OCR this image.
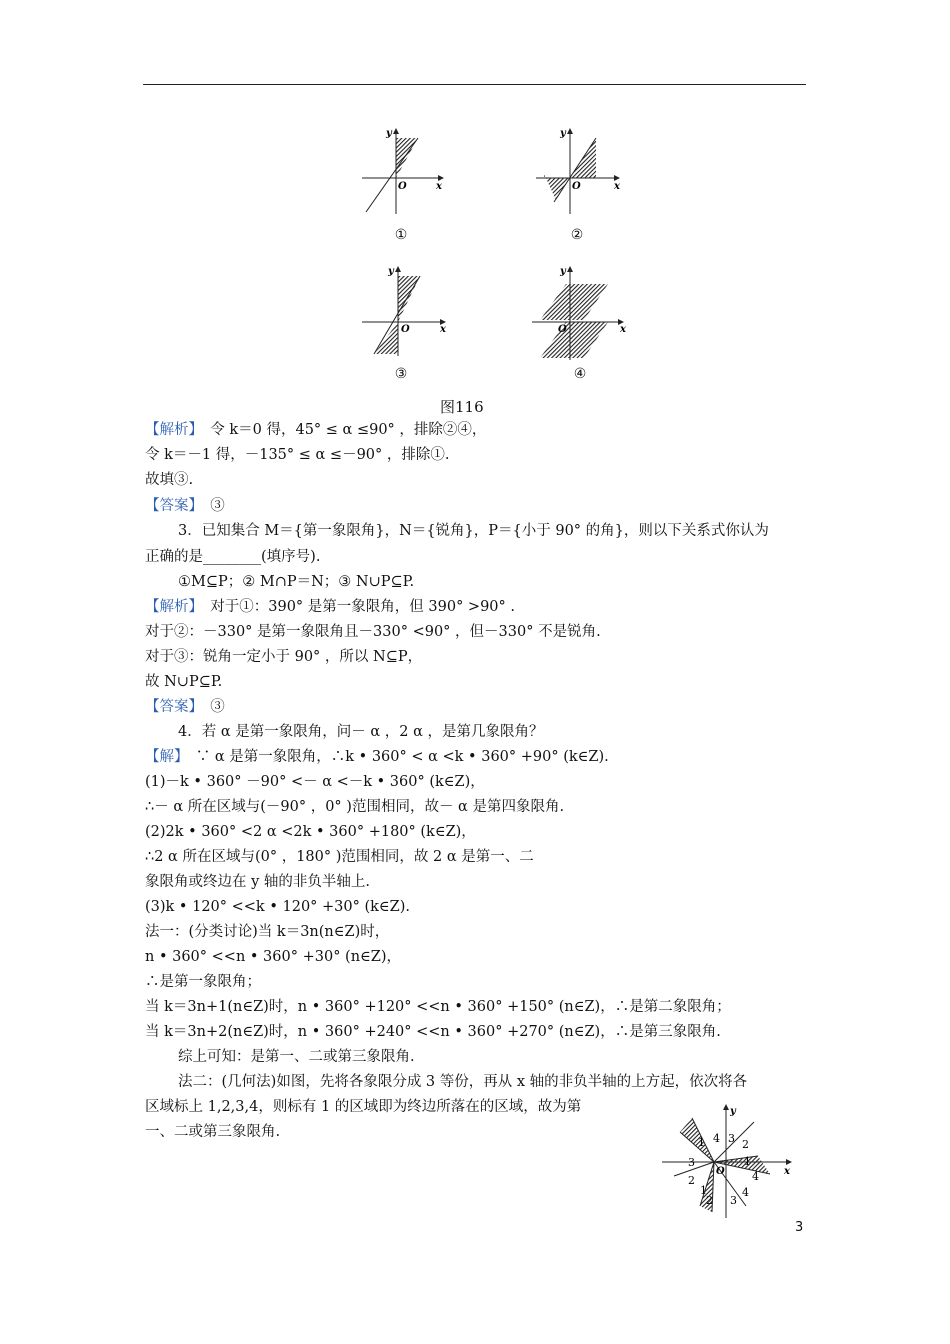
O	x
y
①
O	x
y
②
O	x
y
③
O	x
y
④
图116
【解析】　令 k＝0 得，45° ≤ α ≤90° ，排除②④，
令 k＝－1 得，－135° ≤ α ≤－90° ，排除①.
故填③.
【答案】　③
3．已知集合 M＝{第一象限角}，N＝{锐角}，P＝{小于 90° 的角}，则以下关系式你认为
正确的是________(填序号).
①M⊆P；② M∩P＝N；③ N∪P⊆P.
【解析】　对于①：390° 是第一象限角，但 390° >90° .
对于②：－330° 是第一象限角且－330° <90° ，但－330° 不是锐角.
对于③：锐角一定小于 90° ，所以 N⊆P，
故 N∪P⊆P.
【答案】　③
4．若 α 是第一象限角，问－ α ，2 α ，是第几象限角？
【解】　∵ α 是第一象限角，∴k • 360° < α <k • 360° +90° (k∈Z).
(1)－k • 360° －90° <－ α <－k • 360° (k∈Z)，
∴－ α 所在区域与(－90° ，0° )范围相同，故－ α 是第四象限角.
(2)2k • 360° <2 α <2k • 360° +180° (k∈Z)，
∴2 α 所在区域与(0° ，180° )范围相同，故 2 α 是第一、二
象限角或终边在 y 轴的非负半轴上.
(3)k • 120° <<k • 120° +30° (k∈Z).
法一：(分类讨论)当 k＝3n(n∈Z)时，
n • 360° <<n • 360° +30° (n∈Z)，
∴是第一象限角；
当 k＝3n+1(n∈Z)时，n • 360° +120° <<n • 360° +150° (n∈Z)，∴是第二象限角；
当 k＝3n+2(n∈Z)时，n • 360° +240° <<n • 360° +270° (n∈Z)，∴是第三象限角.
综上可知：是第一、二或第三象限角.
法二：(几何法)如图，先将各象限分成 3 等份，再从 x 轴的非负半轴的上方起，依次将各
区域标上 1,2,3,4，则标有 1 的区域即为终边所落在的区域，故为第
一、二或第三象限角.
1 4 3 2
1
3
4
2
1
2 3
4
O	x
y
3
